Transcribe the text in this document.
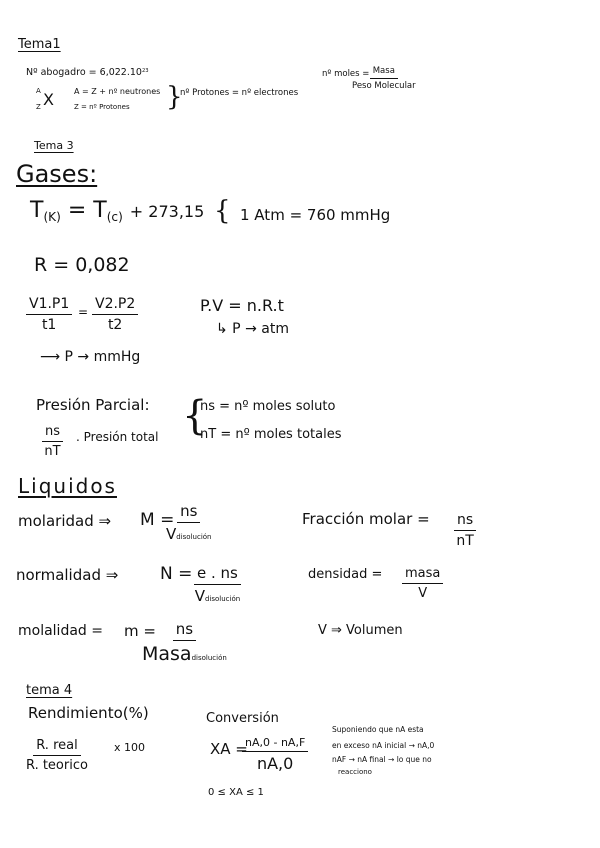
Tema1
Nº abogadro = $6,022.10^{23}$
A X
Z
A = Z + nº neutrones
Z = nº Protones }
nº Protones = nº electrones
nº moles = Masa
Peso Molecular
Tema 3
Gases:
$T_{(K)} = T_{(c)} + 273,15$ { 1 Atm = 760 mmHg
R = 0,082
$\frac{V1.P1}{t1} = \frac{V2.P2}{t2}$
⟶ P → mmHg
P.V = n.R.t
↳ P → atm
Presión Parcial:
$\frac{ns}{nT}$ . Presión total {
ns = nº moles soluto
nT = nº moles totales
Liquidos
molaridad ⇒ M = ns
Vdisolución
Fracción molar = $\frac{ns}{nT}$
normalidad ⇒ N = e . ns
Vdisolución
densidad = masa
V
molalidad = m = ns
Masadisolución
V ⇒ Volumen
tema 4
Rendimiento(%)
R. real
R. teorico
x 100
Conversión
XA =
nA,0 - nA,F
nA,0
0 ≤ XA ≤ 1
Suponiendo que nA esta
en exceso nA inicial → nA,0
nAF → nA final → lo que no
reacciono
